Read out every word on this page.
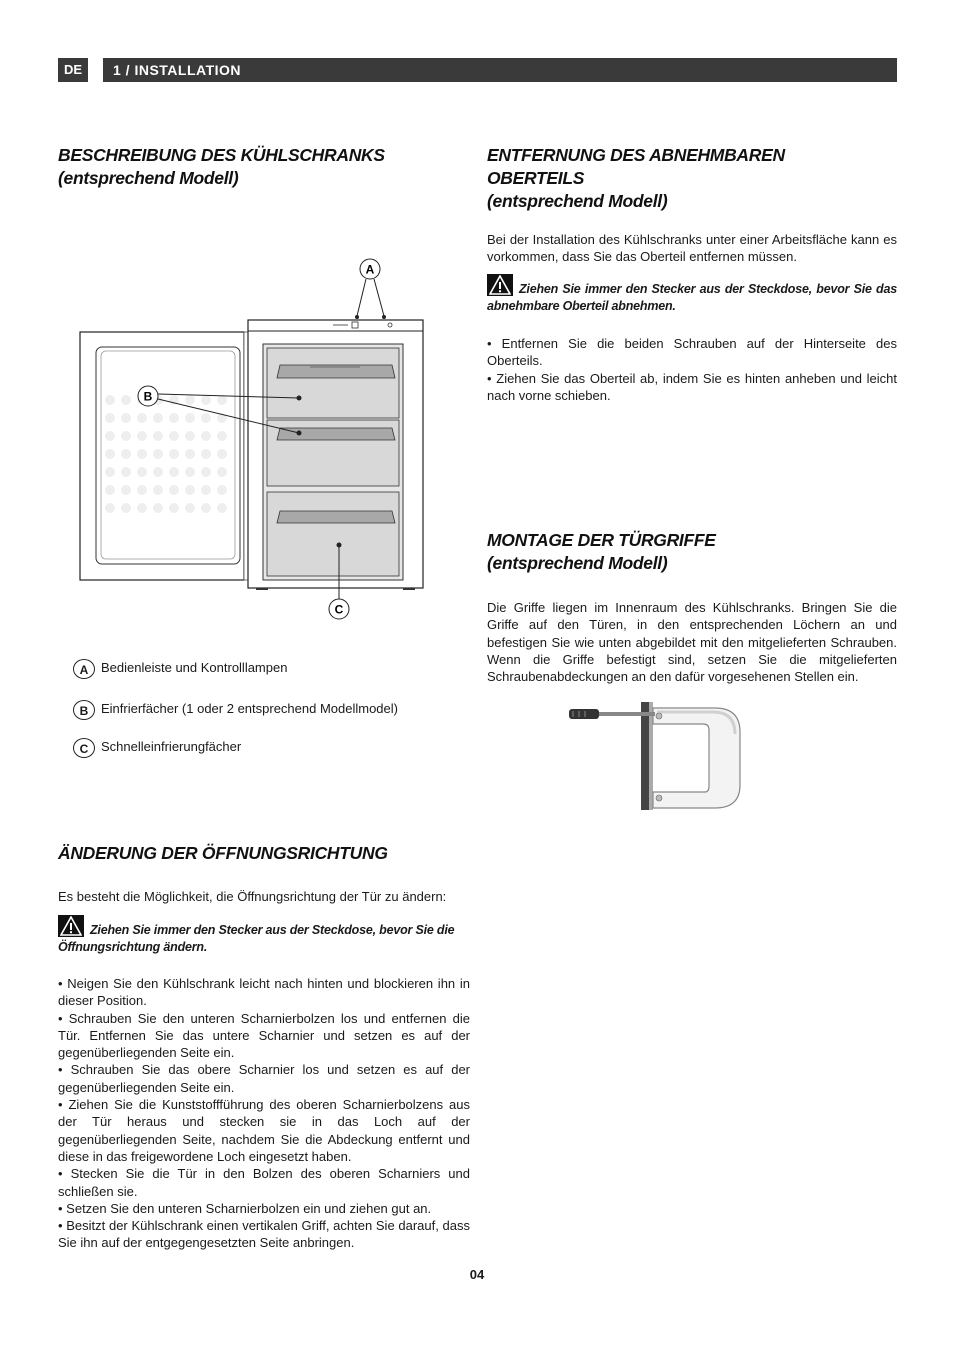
DE	1 / INSTALLATION
BESCHREIBUNG DES KÜHLSCHRANKS
(entsprechend Modell)
A
B
C
A Bedienleiste und Kontrolllampen
B Einfrierfächer (1 oder 2 entsprechend Modellmodel)
C Schnelleinfrierungfächer
ÄNDERUNG DER ÖFFNUNGSRICHTUNG

Es besteht die Möglichkeit, die Öffnungsrichtung der Tür zu ändern:

Ziehen Sie immer den Stecker aus der Steckdose, bevor Sie die Öffnungsrichtung ändern.
• Neigen Sie den Kühlschrank leicht nach hinten und blockieren ihn in dieser Position.
• Schrauben Sie den unteren Scharnierbolzen los und entfernen die Tür. Entfernen Sie das untere Scharnier und setzen es auf der gegenüberliegenden Seite ein.
• Schrauben Sie das obere Scharnier los und setzen es auf der gegenüberliegenden Seite ein.
• Ziehen Sie die Kunststoffführung des oberen Scharnierbolzens aus der Tür heraus und stecken sie in das Loch auf der gegenüberliegenden Seite, nachdem Sie die Abdeckung entfernt und diese in das freigewordene Loch eingesetzt haben.
• Stecken Sie die Tür in den Bolzen des oberen Scharniers und schließen sie.
• Setzen Sie den unteren Scharnierbolzen ein und ziehen gut an.
• Besitzt der Kühlschrank einen vertikalen Griff, achten Sie darauf, dass Sie ihn auf der entgegengesetzten Seite anbringen.
ENTFERNUNG DES ABNEHMBAREN
OBERTEILS
(entsprechend Modell)

Bei der Installation des Kühlschranks unter einer Arbeitsfläche kann es vorkommen, dass Sie das Oberteil entfernen müssen.

Ziehen Sie immer den Stecker aus der Steckdose, bevor Sie das abnehmbare Oberteil abnehmen.
• Entfernen Sie die beiden Schrauben auf der Hinterseite des Oberteils.
• Ziehen Sie das Oberteil ab, indem Sie es hinten anheben und leicht nach vorne schieben.
MONTAGE DER TÜRGRIFFE
(entsprechend Modell)

Die Griffe liegen im Innenraum des Kühlschranks. Bringen Sie die Griffe auf den Türen, in den entsprechenden Löchern an und befestigen Sie wie unten abgebildet mit den mitgelieferten Schrauben. Wenn die Griffe befestigt sind, setzen Sie die mitgelieferten Schraubenabdeckungen an den dafür vorgesehenen Stellen ein.

04
